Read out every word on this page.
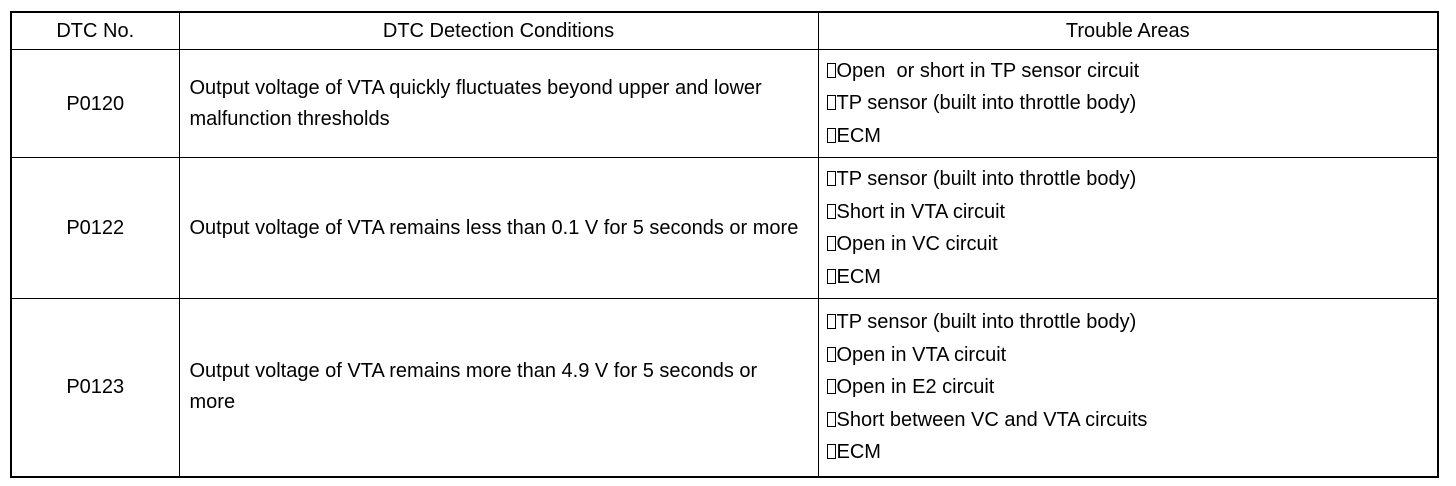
DTC No.	DTC Detection Conditions	Trouble Areas
P0120	Output voltage of VTA quickly fluctuates beyond upper and lower malfunction thresholds	Open  or short in TP sensor circuit
TP sensor (built into throttle body)
ECM

P0122	Output voltage of VTA remains less than 0.1 V for 5 seconds or more	TP sensor (built into throttle body)
Short in VTA circuit
Open in VC circuit
ECM

P0123	Output voltage of VTA remains more than 4.9 V for 5 seconds or more	TP sensor (built into throttle body)
Open in VTA circuit
Open in E2 circuit
Short between VC and VTA circuits
ECM
